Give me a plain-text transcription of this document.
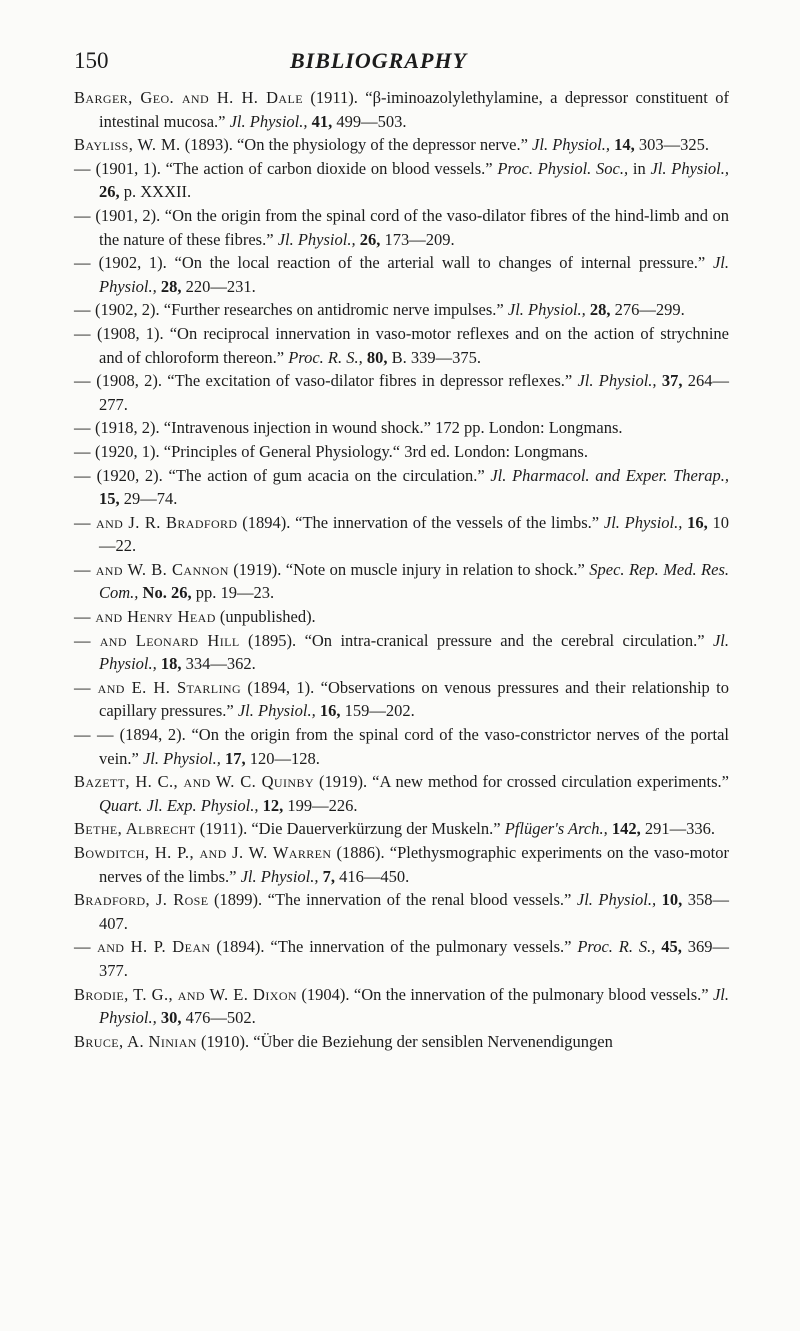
150	BIBLIOGRAPHY

Barger, Geo. and H. H. Dale (1911). “β-iminoazolylethylamine, a depressor constituent of intestinal mucosa.” Jl. Physiol., 41, 499—503.

Bayliss, W. M. (1893). “On the physiology of the depressor nerve.” Jl. Physiol., 14, 303—325.

— (1901, 1). “The action of carbon dioxide on blood vessels.” Proc. Physiol. Soc., in Jl. Physiol., 26, p. XXXII.

— (1901, 2). “On the origin from the spinal cord of the vaso-dilator fibres of the hind-limb and on the nature of these fibres.” Jl. Physiol., 26, 173—209.

— (1902, 1). “On the local reaction of the arterial wall to changes of internal pressure.” Jl. Physiol., 28, 220—231.

— (1902, 2). “Further researches on antidromic nerve impulses.” Jl. Physiol., 28, 276—299.

— (1908, 1). “On reciprocal innervation in vaso-motor reflexes and on the action of strychnine and of chloroform thereon.” Proc. R. S., 80, B. 339—375.

— (1908, 2). “The excitation of vaso-dilator fibres in depressor reflexes.” Jl. Physiol., 37, 264—277.

— (1918, 2). “Intravenous injection in wound shock.” 172 pp. London: Longmans.

— (1920, 1). “Principles of General Physiology.“ 3rd ed. London: Longmans.

— (1920, 2). “The action of gum acacia on the circulation.” Jl. Pharmacol. and Exper. Therap., 15, 29—74.

— and J. R. Bradford (1894). “The innervation of the vessels of the limbs.” Jl. Physiol., 16, 10—22.

— and W. B. Cannon (1919). “Note on muscle injury in relation to shock.” Spec. Rep. Med. Res. Com., No. 26, pp. 19—23.

— and Henry Head (unpublished).

— and Leonard Hill (1895). “On intra-cranical pressure and the cerebral circulation.” Jl. Physiol., 18, 334—362.

— and E. H. Starling (1894, 1). “Observations on venous pressures and their relationship to capillary pressures.” Jl. Physiol., 16, 159—202.

— — (1894, 2). “On the origin from the spinal cord of the vaso-constrictor nerves of the portal vein.” Jl. Physiol., 17, 120—128.

Bazett, H. C., and W. C. Quinby (1919). “A new method for crossed circulation experiments.” Quart. Jl. Exp. Physiol., 12, 199—226.

Bethe, Albrecht (1911). “Die Dauerverkürzung der Muskeln.” Pflüger's Arch., 142, 291—336.

Bowditch, H. P., and J. W. Warren (1886). “Plethysmographic experiments on the vaso-motor nerves of the limbs.” Jl. Physiol., 7, 416—450.

Bradford, J. Rose (1899). “The innervation of the renal blood vessels.” Jl. Physiol., 10, 358—407.

— and H. P. Dean (1894). “The innervation of the pulmonary vessels.” Proc. R. S., 45, 369—377.

Brodie, T. G., and W. E. Dixon (1904). “On the innervation of the pulmonary blood vessels.” Jl. Physiol., 30, 476—502.

Bruce, A. Ninian (1910). “Über die Beziehung der sensiblen Nervenendigungen
